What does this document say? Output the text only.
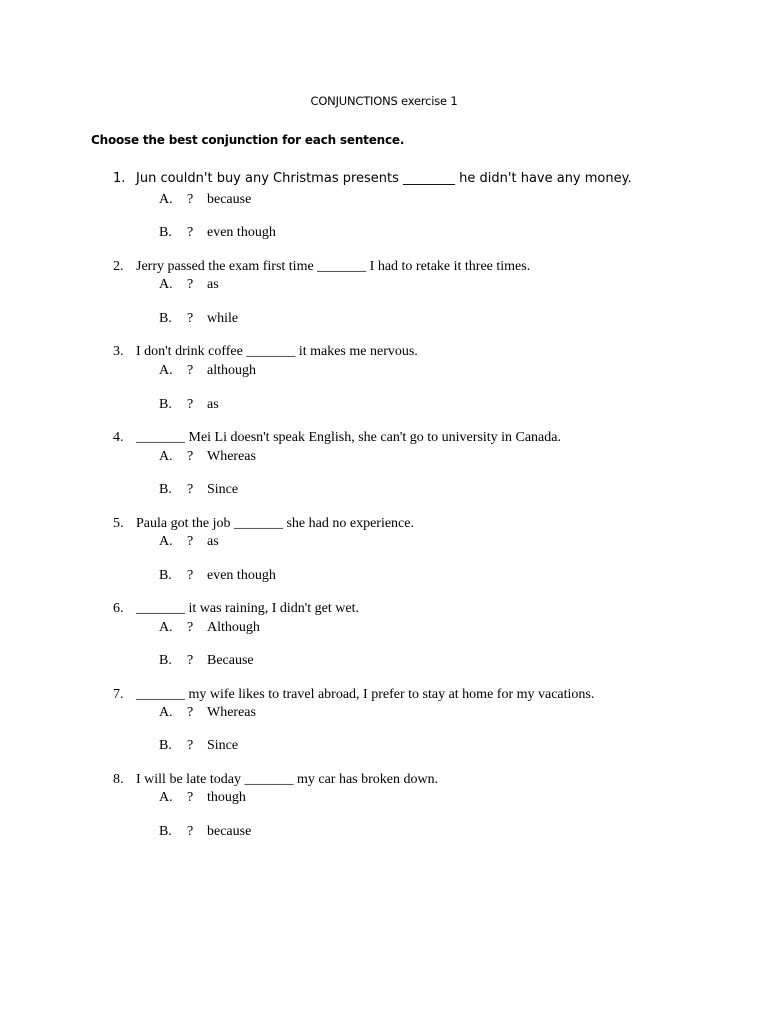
CONJUNCTIONS exercise 1
Choose the best conjunction for each sentence.
1. Jun couldn't buy any Christmas presents ________ he didn't have any money.
A. ? because
B. ? even though
2. Jerry passed the exam first time _______ I had to retake it three times.
A. ? as
B. ? while
3. I don't drink coffee _______ it makes me nervous.
A. ? although
B. ? as
4. _______ Mei Li doesn't speak English, she can't go to university in Canada.
A. ? Whereas
B. ? Since
5. Paula got the job _______ she had no experience.
A. ? as
B. ? even though
6. _______ it was raining, I didn't get wet.
A. ? Although
B. ? Because
7. _______ my wife likes to travel abroad, I prefer to stay at home for my vacations.
A. ? Whereas
B. ? Since
8. I will be late today _______ my car has broken down.
A. ? though
B. ? because
